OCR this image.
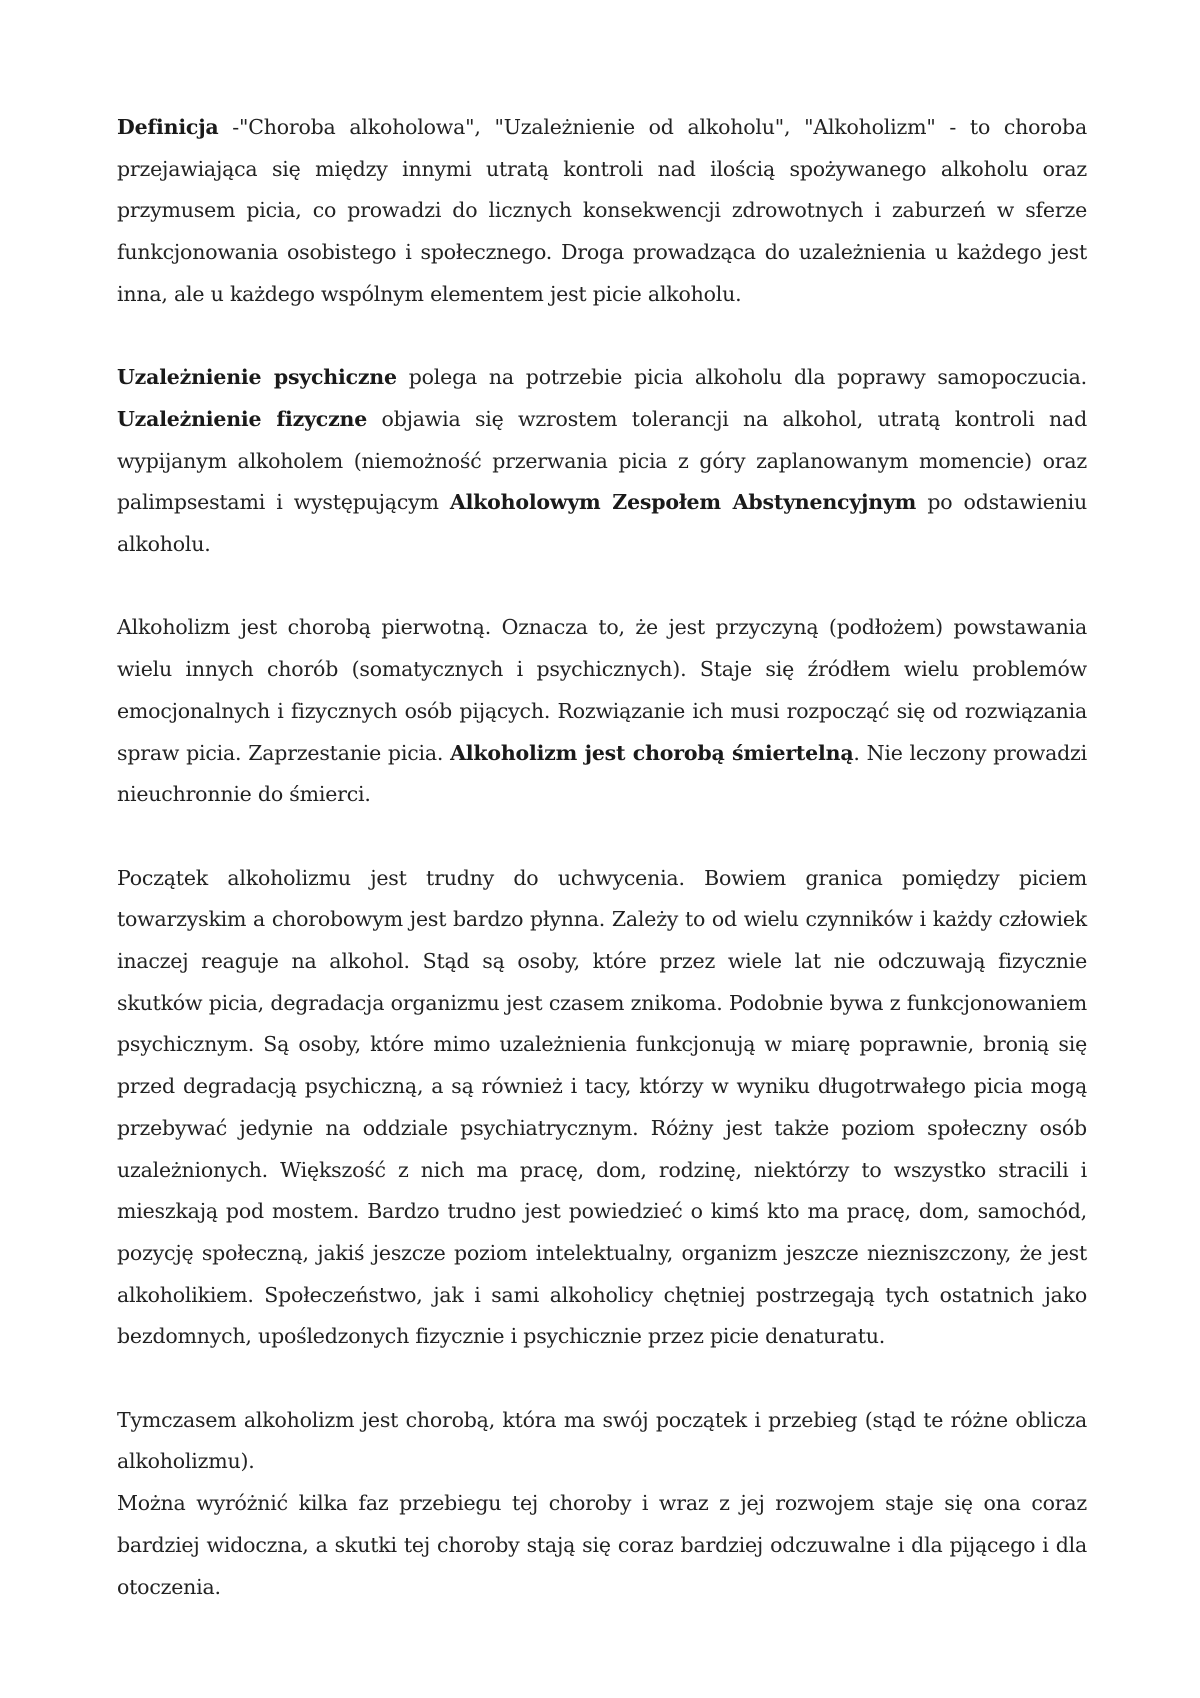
Definicja -"Choroba alkoholowa", "Uzależnienie od alkoholu", "Alkoholizm" - to choroba przejawiająca się między innymi utratą kontroli nad ilością spożywanego alkoholu oraz przymusem picia, co prowadzi do licznych konsekwencji zdrowotnych i zaburzeń w sferze funkcjonowania osobistego i społecznego. Droga prowadząca do uzależnienia u każdego jest inna, ale u każdego wspólnym elementem jest picie alkoholu.

Uzależnienie psychiczne polega na potrzebie picia alkoholu dla poprawy samopoczucia. Uzależnienie fizyczne objawia się wzrostem tolerancji na alkohol, utratą kontroli nad wypijanym alkoholem (niemożność przerwania picia z góry zaplanowanym momencie) oraz palimpsestami i występującym Alkoholowym Zespołem Abstynencyjnym po odstawieniu alkoholu.

Alkoholizm jest chorobą pierwotną. Oznacza to, że jest przyczyną (podłożem) powstawania wielu innych chorób (somatycznych i psychicznych). Staje się źródłem wielu problemów emocjonalnych i fizycznych osób pijących. Rozwiązanie ich musi rozpocząć się od rozwiązania spraw picia. Zaprzestanie picia. Alkoholizm jest chorobą śmiertelną. Nie leczony prowadzi nieuchronnie do śmierci.

Początek alkoholizmu jest trudny do uchwycenia. Bowiem granica pomiędzy piciem towarzyskim a chorobowym jest bardzo płynna. Zależy to od wielu czynników i każdy człowiek inaczej reaguje na alkohol. Stąd są osoby, które przez wiele lat nie odczuwają fizycznie skutków picia, degradacja organizmu jest czasem znikoma. Podobnie bywa z funkcjonowaniem psychicznym. Są osoby, które mimo uzależnienia funkcjonują w miarę poprawnie, bronią się przed degradacją psychiczną, a są również i tacy, którzy w wyniku długotrwałego picia mogą przebywać jedynie na oddziale psychiatrycznym. Różny jest także poziom społeczny osób uzależnionych. Większość z nich ma pracę, dom, rodzinę, niektórzy to wszystko stracili i mieszkają pod mostem. Bardzo trudno jest powiedzieć o kimś kto ma pracę, dom, samochód, pozycję społeczną, jakiś jeszcze poziom intelektualny, organizm jeszcze niezniszczony, że jest alkoholikiem. Społeczeństwo, jak i sami alkoholicy chętniej postrzegają tych ostatnich jako bezdomnych, upośledzonych fizycznie i psychicznie przez picie denaturatu.

Tymczasem alkoholizm jest chorobą, która ma swój początek i przebieg (stąd te różne oblicza alkoholizmu).

Można wyróżnić kilka faz przebiegu tej choroby i wraz z jej rozwojem staje się ona coraz bardziej widoczna, a skutki tej choroby stają się coraz bardziej odczuwalne i dla pijącego i dla otoczenia.
